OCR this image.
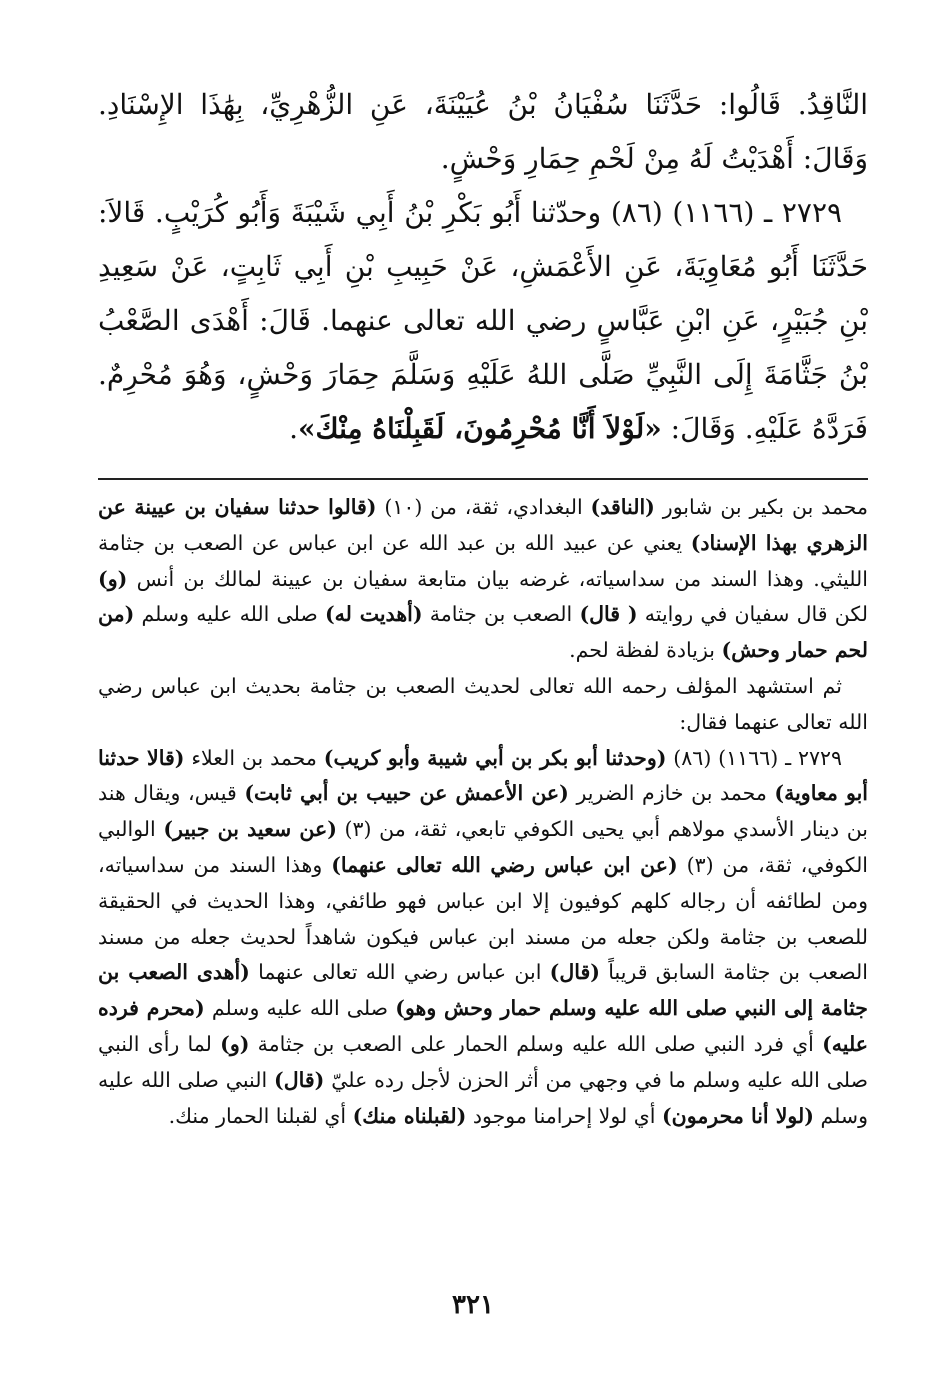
النَّاقِدُ. قَالُوا: حَدَّثَنَا سُفْيَانُ بْنُ عُيَيْنَةَ، عَنِ الزُّهْرِيِّ، بِهَٰذَا الإِسْنَادِ. وَقَالَ: أَهْدَيْتُ لَهُ مِنْ لَحْمِ حِمَارِ وَحْشٍ.

٢٧٢٩ ـ (١١٦٦) (٨٦) وحدّثنا أَبُو بَكْرِ بْنُ أَبِي شَيْبَةَ وَأَبُو كُرَيْبٍ. قَالاَ: حَدَّثَنَا أَبُو مُعَاوِيَةَ، عَنِ الأَعْمَشِ، عَنْ حَبِيبِ بْنِ أَبِي ثَابِتٍ، عَنْ سَعِيدِ بْنِ جُبَيْرٍ، عَنِ ابْنِ عَبَّاسٍ رضي الله تعالى عنهما. قَالَ: أَهْدَى الصَّعْبُ بْنُ جَثَّامَةَ إِلَى النَّبِيِّ صَلَّى اللهُ عَلَيْهِ وَسَلَّمَ حِمَارَ وَحْشٍ، وَهُوَ مُحْرِمٌ. فَرَدَّهُ عَلَيْهِ. وَقَالَ: «لَوْلاَ أَنَّا مُحْرِمُونَ، لَقَبِلْنَاهُ مِنْكَ».

محمد بن بكير بن شابور (الناقد) البغدادي، ثقة، من (١٠) (قالوا حدثنا سفيان بن عيينة عن الزهري بهذا الإسناد) يعني عن عبيد الله بن عبد الله عن ابن عباس عن الصعب بن جثامة الليثي. وهذا السند من سداسياته، غرضه بيان متابعة سفيان بن عيينة لمالك بن أنس (و) لكن قال سفيان في روايته ( قال) الصعب بن جثامة (أهديت له) صلى الله عليه وسلم (من لحم حمار وحش) بزيادة لفظة لحم.

ثم استشهد المؤلف رحمه الله تعالى لحديث الصعب بن جثامة بحديث ابن عباس رضي الله تعالى عنهما فقال:

٢٧٢٩ ـ (١١٦٦) (٨٦) (وحدثنا أبو بكر بن أبي شيبة وأبو كريب) محمد بن العلاء (قالا حدثنا أبو معاوية) محمد بن خازم الضرير (عن الأعمش عن حبيب بن أبي ثابت) قيس، ويقال هند بن دينار الأسدي مولاهم أبي يحيى الكوفي تابعي، ثقة، من (٣) (عن سعيد بن جبير) الوالبي الكوفي، ثقة، من (٣) (عن ابن عباس رضي الله تعالى عنهما) وهذا السند من سداسياته، ومن لطائفه أن رجاله كلهم كوفيون إلا ابن عباس فهو طائفي، وهذا الحديث في الحقيقة للصعب بن جثامة ولكن جعله من مسند ابن عباس فيكون شاهداً لحديث جعله من مسند الصعب بن جثامة السابق قريباً (قال) ابن عباس رضي الله تعالى عنهما (أهدى الصعب بن جثامة إلى النبي صلى الله عليه وسلم حمار وحش وهو) صلى الله عليه وسلم (محرم فرده عليه) أي فرد النبي صلى الله عليه وسلم الحمار على الصعب بن جثامة (و) لما رأى النبي صلى الله عليه وسلم ما في وجهي من أثر الحزن لأجل رده عليّ (قال) النبي صلى الله عليه وسلم (لولا أنا محرمون) أي لولا إحرامنا موجود (لقبلناه منك) أي لقبلنا الحمار منك.

٣٢١
